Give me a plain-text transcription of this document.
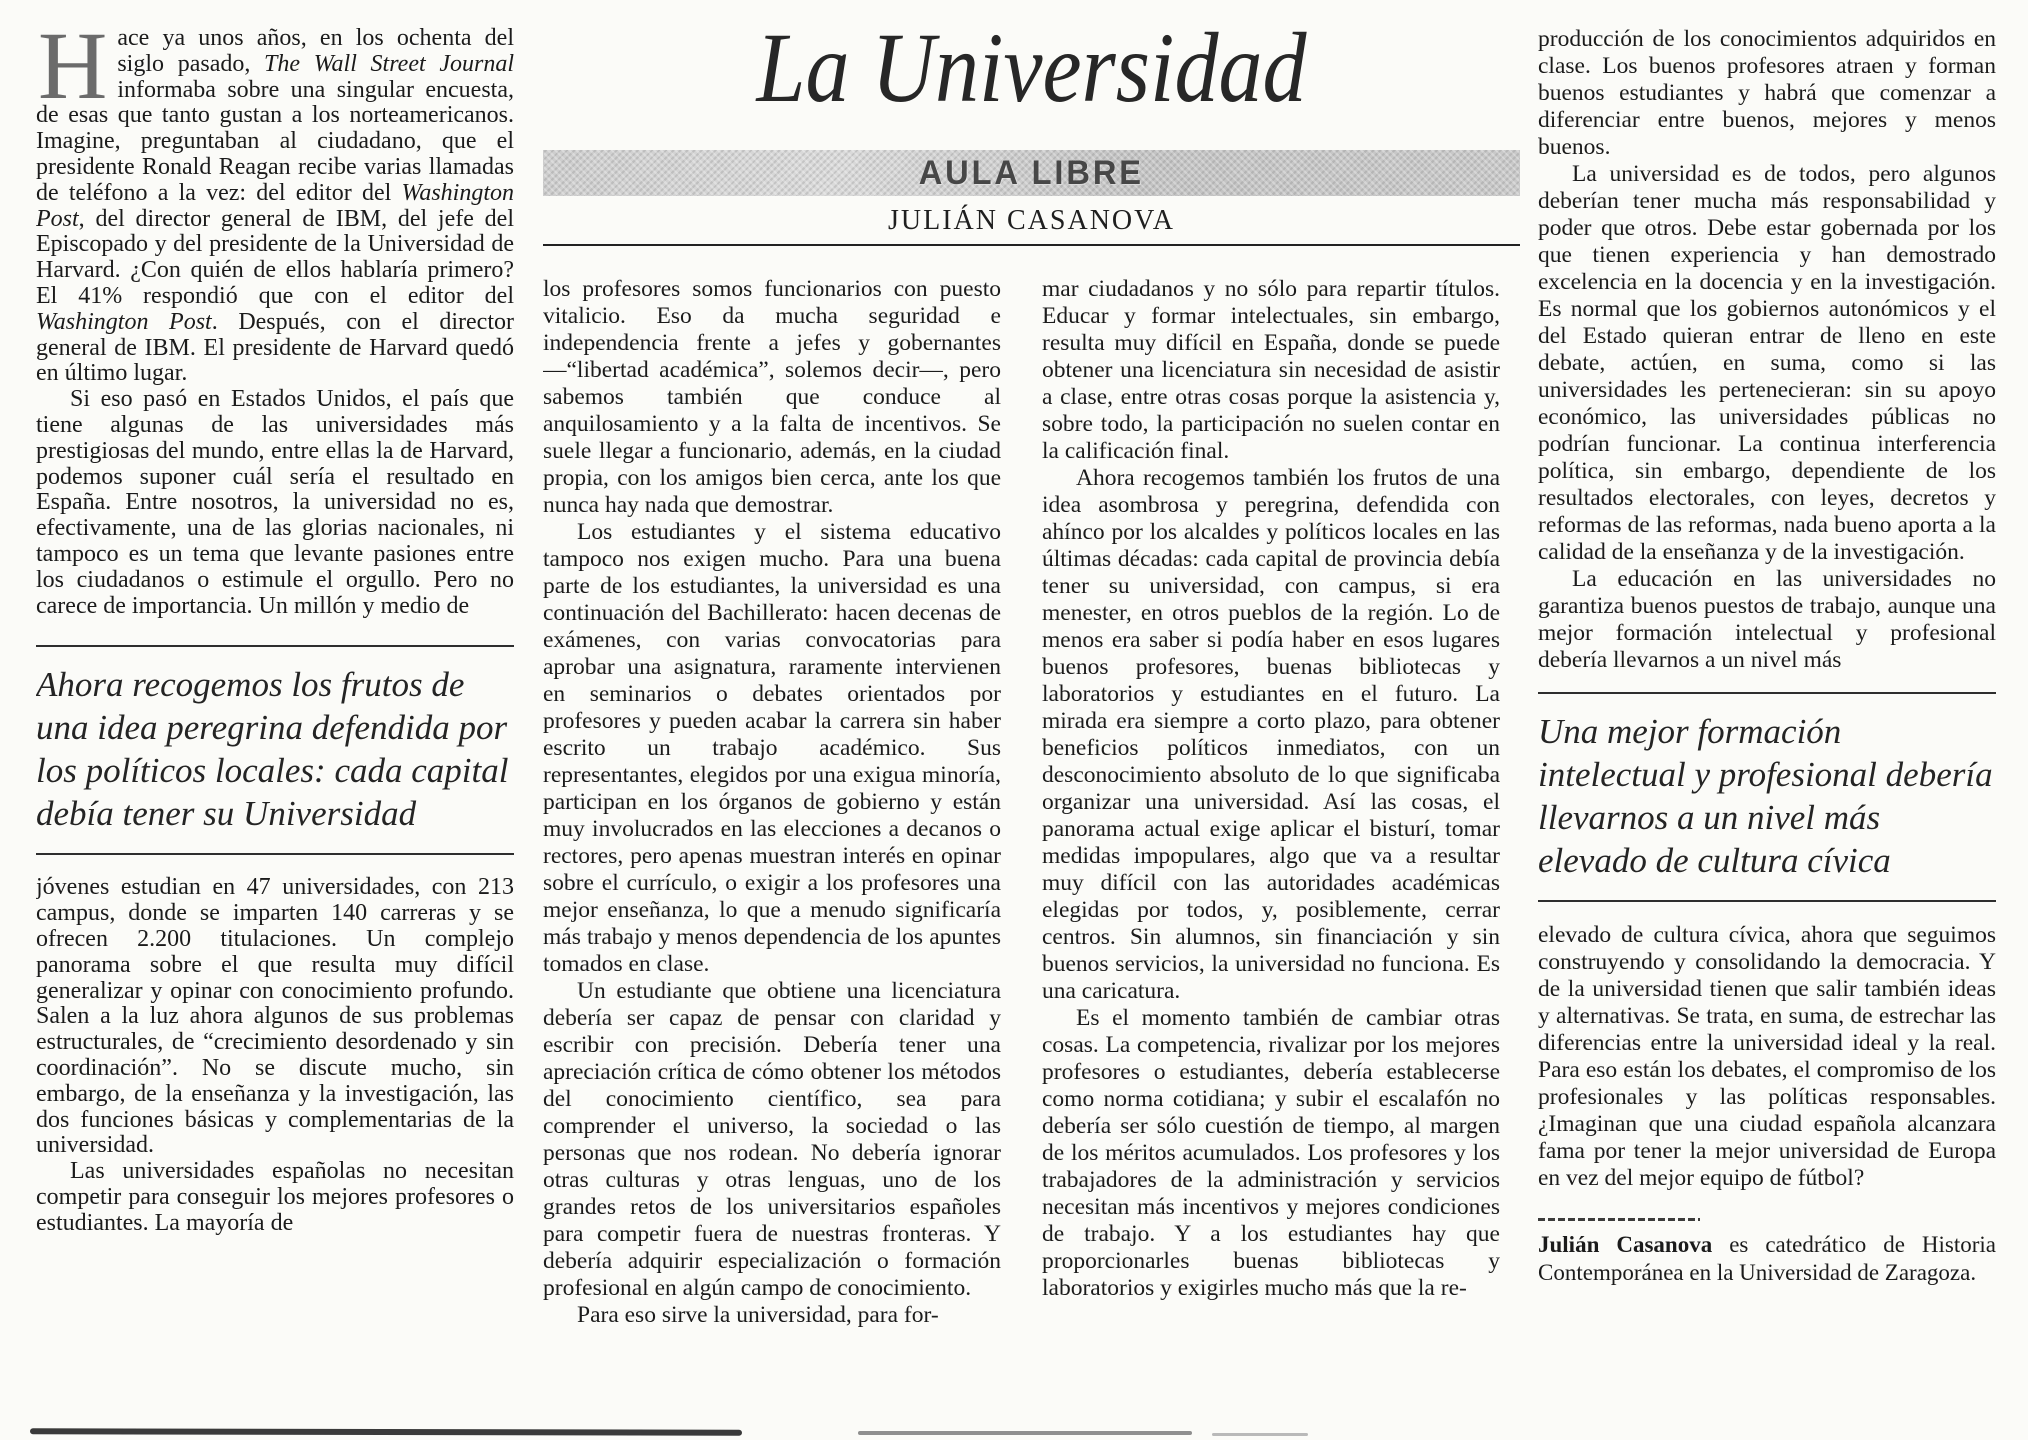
La Universidad
AULA LIBRE
JULIÁN CASANOVA

Hace ya unos años, en los ochenta del siglo pasado, The Wall Street Journal informaba sobre una singular encuesta, de esas que tanto gustan a los norteamericanos. Imagine, preguntaban al ciudadano, que el presidente Ronald Reagan recibe varias llamadas de teléfono a la vez: del editor del Washington Post, del director general de IBM, del jefe del Episcopado y del presidente de la Universidad de Harvard. ¿Con quién de ellos hablaría primero? El 41% respondió que con el editor del Washington Post. Después, con el director general de IBM. El presidente de Harvard quedó en último lugar.

Si eso pasó en Estados Unidos, el país que tiene algunas de las universidades más prestigiosas del mundo, entre ellas la de Harvard, podemos suponer cuál sería el resultado en España. Entre nosotros, la universidad no es, efectivamente, una de las glorias nacionales, ni tampoco es un tema que levante pasiones entre los ciudadanos o estimule el orgullo. Pero no carece de importancia. Un millón y medio de

Ahora recogemos los frutos de una idea peregrina defendida por los políticos locales: cada capital debía tener su Universidad

jóvenes estudian en 47 universidades, con 213 campus, donde se imparten 140 carreras y se ofrecen 2.200 titulaciones. Un complejo panorama sobre el que resulta muy difícil generalizar y opinar con conocimiento profundo. Salen a la luz ahora algunos de sus problemas estructurales, de “crecimiento desordenado y sin coordinación”. No se discute mucho, sin embargo, de la enseñanza y la investigación, las dos funciones básicas y complementarias de la universidad.

Las universidades españolas no necesitan competir para conseguir los mejores profesores o estudiantes. La mayoría de

los profesores somos funcionarios con puesto vitalicio. Eso da mucha seguridad e independencia frente a jefes y gobernantes —“libertad académica”, solemos decir—, pero sabemos también que conduce al anquilosamiento y a la falta de incentivos. Se suele llegar a funcionario, además, en la ciudad propia, con los amigos bien cerca, ante los que nunca hay nada que demostrar.

Los estudiantes y el sistema educativo tampoco nos exigen mucho. Para una buena parte de los estudiantes, la universidad es una continuación del Bachillerato: hacen decenas de exámenes, con varias convocatorias para aprobar una asignatura, raramente intervienen en seminarios o debates orientados por profesores y pueden acabar la carrera sin haber escrito un trabajo académico. Sus representantes, elegidos por una exigua minoría, participan en los órganos de gobierno y están muy involucrados en las elecciones a decanos o rectores, pero apenas muestran interés en opinar sobre el currículo, o exigir a los profesores una mejor enseñanza, lo que a menudo significaría más trabajo y menos dependencia de los apuntes tomados en clase.

Un estudiante que obtiene una licenciatura debería ser capaz de pensar con claridad y escribir con precisión. Debería tener una apreciación crítica de cómo obtener los métodos del conocimiento científico, sea para comprender el universo, la sociedad o las personas que nos rodean. No debería ignorar otras culturas y otras lenguas, uno de los grandes retos de los universitarios españoles para competir fuera de nuestras fronteras. Y debería adquirir especialización o formación profesional en algún campo de conocimiento.

Para eso sirve la universidad, para for-

mar ciudadanos y no sólo para repartir títulos. Educar y formar intelectuales, sin embargo, resulta muy difícil en España, donde se puede obtener una licenciatura sin necesidad de asistir a clase, entre otras cosas porque la asistencia y, sobre todo, la participación no suelen contar en la calificación final.

Ahora recogemos también los frutos de una idea asombrosa y peregrina, defendida con ahínco por los alcaldes y políticos locales en las últimas décadas: cada capital de provincia debía tener su universidad, con campus, si era menester, en otros pueblos de la región. Lo de menos era saber si podía haber en esos lugares buenos profesores, buenas bibliotecas y laboratorios y estudiantes en el futuro. La mirada era siempre a corto plazo, para obtener beneficios políticos inmediatos, con un desconocimiento absoluto de lo que significaba organizar una universidad. Así las cosas, el panorama actual exige aplicar el bisturí, tomar medidas impopulares, algo que va a resultar muy difícil con las autoridades académicas elegidas por todos, y, posiblemente, cerrar centros. Sin alumnos, sin financiación y sin buenos servicios, la universidad no funciona. Es una caricatura.

Es el momento también de cambiar otras cosas. La competencia, rivalizar por los mejores profesores o estudiantes, debería establecerse como norma cotidiana; y subir el escalafón no debería ser sólo cuestión de tiempo, al margen de los méritos acumulados. Los profesores y los trabajadores de la administración y servicios necesitan más incentivos y mejores condiciones de trabajo. Y a los estudiantes hay que proporcionarles buenas bibliotecas y laboratorios y exigirles mucho más que la re-

producción de los conocimientos adquiridos en clase. Los buenos profesores atraen y forman buenos estudiantes y habrá que comenzar a diferenciar entre buenos, mejores y menos buenos.

La universidad es de todos, pero algunos deberían tener mucha más responsabilidad y poder que otros. Debe estar gobernada por los que tienen experiencia y han demostrado excelencia en la docencia y en la investigación. Es normal que los gobiernos autonómicos y el del Estado quieran entrar de lleno en este debate, actúen, en suma, como si las universidades les pertenecieran: sin su apoyo económico, las universidades públicas no podrían funcionar. La continua interferencia política, sin embargo, dependiente de los resultados electorales, con leyes, decretos y reformas de las reformas, nada bueno aporta a la calidad de la enseñanza y de la investigación.

La educación en las universidades no garantiza buenos puestos de trabajo, aunque una mejor formación intelectual y profesional debería llevarnos a un nivel más

Una mejor formación intelectual y profesional debería llevarnos a un nivel más elevado de cultura cívica

elevado de cultura cívica, ahora que seguimos construyendo y consolidando la democracia. Y de la universidad tienen que salir también ideas y alternativas. Se trata, en suma, de estrechar las diferencias entre la universidad ideal y la real. Para eso están los debates, el compromiso de los profesionales y las políticas responsables. ¿Imaginan que una ciudad española alcanzara fama por tener la mejor universidad de Europa en vez del mejor equipo de fútbol?

Julián Casanova es catedrático de Historia Contemporánea en la Universidad de Zaragoza.
